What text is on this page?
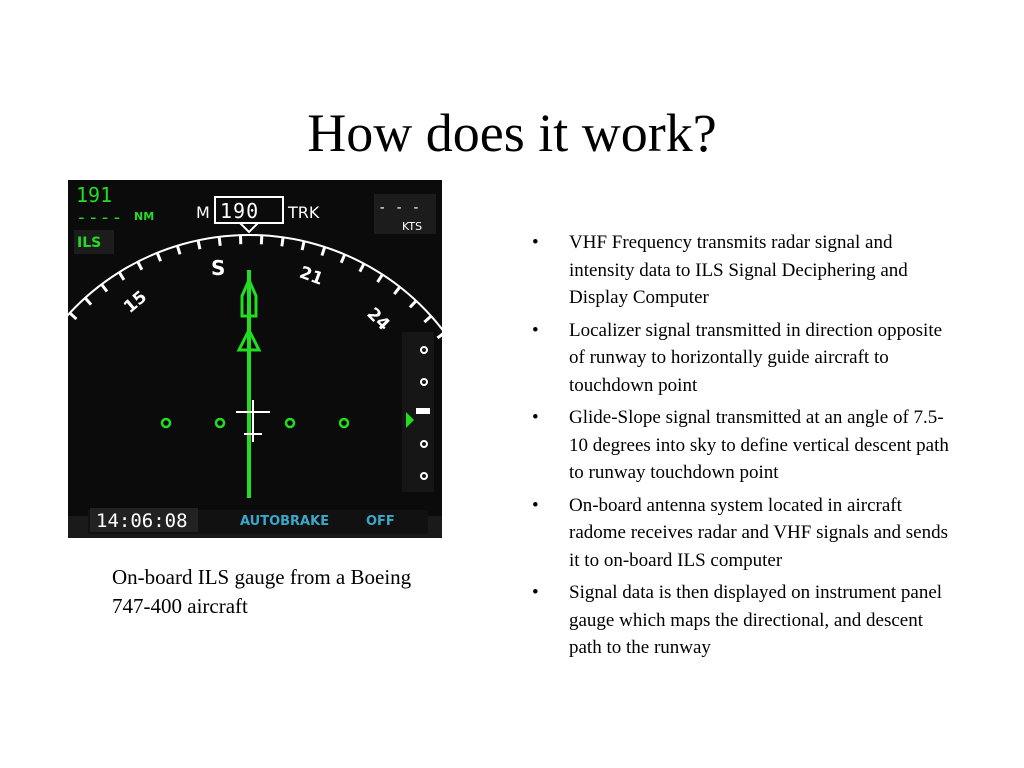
How does it work?
191
---- NM
ILS
M 190 TRK	- - -
KTS
S	21
15
24
14:06:08	AUTOBRAKE	OFF
On-board ILS gauge from a Boeing 747-400 aircraft
• VHF Frequency transmits radar signal and intensity data to ILS Signal Deciphering and Display Computer
• Localizer signal transmitted in direction opposite of runway to horizontally guide aircraft to touchdown point
• Glide-Slope signal transmitted at an angle of 7.5-10 degrees into sky to define vertical descent path to runway touchdown point
• On-board antenna system located in aircraft radome receives radar and VHF signals and sends it to on-board ILS computer
• Signal data is then displayed on instrument panel gauge which maps the directional, and descent path to the runway
